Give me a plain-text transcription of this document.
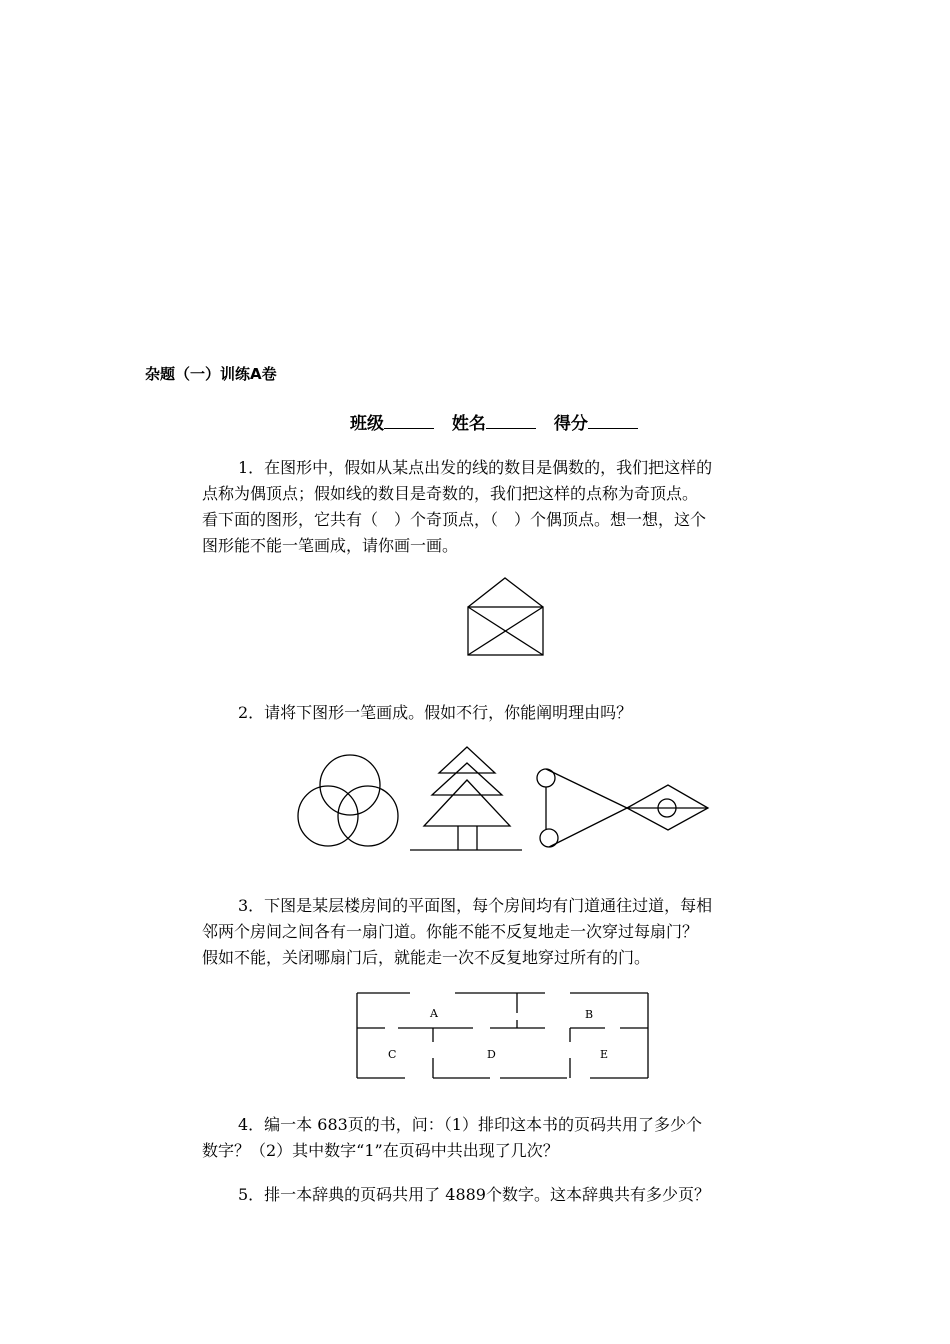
杂题（一）训练A卷
班级	姓名	得分

1．在图形中，假如从某点出发的线的数目是偶数的，我们把这样的

点称为偶顶点；假如线的数目是奇数的，我们把这样的点称为奇顶点。

看下面的图形，它共有（　）个奇顶点，（　）个偶顶点。想一想，这个

图形能不能一笔画成，请你画一画。

2．请将下图形一笔画成。假如不行，你能阐明理由吗？

3．下图是某层楼房间的平面图，每个房间均有门道通往过道，每相

邻两个房间之间各有一扇门道。你能不能不反复地走一次穿过每扇门？

假如不能，关闭哪扇门后，就能走一次不反复地穿过所有的门。

A	B
C	D	E

4．编一本 683页的书，问：（1）排印这本书的页码共用了多少个

数字？（2）其中数字“1”在页码中共出现了几次？

5．排一本辞典的页码共用了 4889个数字。这本辞典共有多少页？
